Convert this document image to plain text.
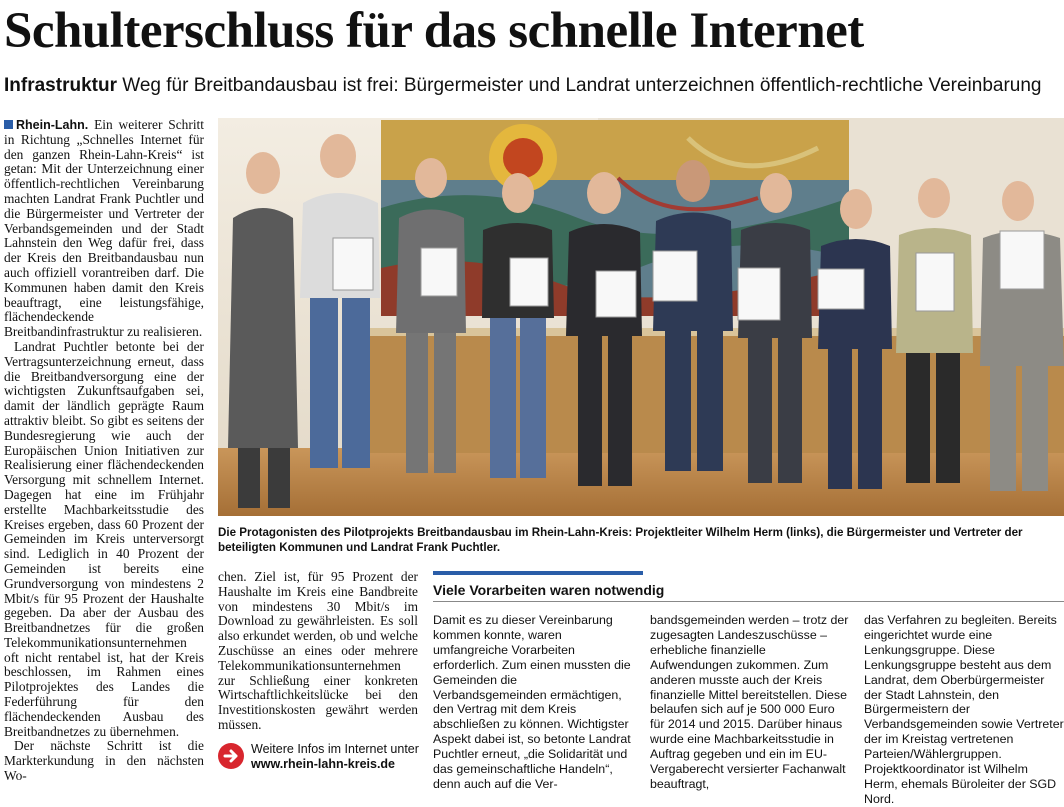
Schulterschluss für das schnelle Internet
Infrastruktur Weg für Breitbandausbau ist frei: Bürgermeister und Landrat unterzeichnen öffentlich-rechtliche Vereinbarung

Rhein-Lahn. Ein weiterer Schritt in Richtung „Schnelles Internet für den ganzen Rhein-Lahn-Kreis“ ist getan: Mit der Unterzeichnung einer öffentlich-rechtlichen Vereinbarung machten Landrat Frank Puchtler und die Bürgermeister und Vertreter der Verbandsgemeinden und der Stadt Lahnstein den Weg dafür frei, dass der Kreis den Breitbandausbau nun auch offiziell vorantreiben darf. Die Kommunen haben damit den Kreis beauftragt, eine leistungsfähige, flächendeckende Breitbandinfrastruktur zu realisieren.

Landrat Puchtler betonte bei der Vertragsunterzeichnung erneut, dass die Breitbandversorgung eine der wichtigsten Zukunftsaufgaben sei, damit der ländlich geprägte Raum attraktiv bleibt. So gibt es seitens der Bundesregierung wie auch der Europäischen Union Initiativen zur Realisierung einer flächendeckenden Versorgung mit schnellem Internet. Dagegen hat eine im Frühjahr erstellte Machbarkeitsstudie des Kreises ergeben, dass 60 Prozent der Gemeinden im Kreis unterversorgt sind. Lediglich in 40 Prozent der Gemeinden ist bereits eine Grundversorgung von mindestens 2 Mbit/s für 95 Prozent der Haushalte gegeben. Da aber der Ausbau des Breitbandnetzes für die großen Telekommunikationsunternehmen oft nicht rentabel ist, hat der Kreis beschlossen, im Rahmen eines Pilotprojektes des Landes die Federführung für den flächendeckenden Ausbau des Breitbandnetzes zu übernehmen.

Der nächste Schritt ist die Markterkundung in den nächsten Wo-

Die Protagonisten des Pilotprojekts Breitbandausbau im Rhein-Lahn-Kreis: Projektleiter Wilhelm Herm (links), die Bürgermeister und Vertreter der beteiligten Kommunen und Landrat Frank Puchtler.

chen. Ziel ist, für 95 Prozent der Haushalte im Kreis eine Bandbreite von mindestens 30 Mbit/s im Download zu gewährleisten. Es soll also erkundet werden, ob und welche Zuschüsse an eines oder mehrere Telekommunikationsunternehmen zur Schließung einer konkreten Wirtschaftlichkeitslücke bei den Investitionskosten gewährt werden müssen.

Weitere Infos im Internet unter
www.rhein-lahn-kreis.de
Viele Vorarbeiten waren notwendig

Damit es zu dieser Vereinbarung kommen konnte, waren umfangreiche Vorarbeiten erforderlich. Zum einen mussten die Gemeinden die Verbandsgemeinden ermächtigen, den Vertrag mit dem Kreis abschließen zu können. Wichtigster Aspekt dabei ist, so betonte Landrat Puchtler erneut, „die Solidarität und das gemeinschaftliche Handeln“, denn auch auf die Ver-

bandsgemeinden werden – trotz der zugesagten Landeszuschüsse – erhebliche finanzielle Aufwendungen zukommen. Zum anderen musste auch der Kreis finanzielle Mittel bereitstellen. Diese belaufen sich auf je 500 000 Euro für 2014 und 2015. Darüber hinaus wurde eine Machbarkeitsstudie in Auftrag gegeben und ein im EU-Vergaberecht versierter Fachanwalt beauftragt,

das Verfahren zu begleiten. Bereits eingerichtet wurde eine Lenkungsgruppe. Diese Lenkungsgruppe besteht aus dem Landrat, dem Oberbürgermeister der Stadt Lahnstein, den Bürgermeistern der Verbandsgemeinden sowie Vertreter der im Kreistag vertretenen Parteien/Wählergruppen. Projektkoordinator ist Wilhelm Herm, ehemals Büroleiter der SGD Nord.
